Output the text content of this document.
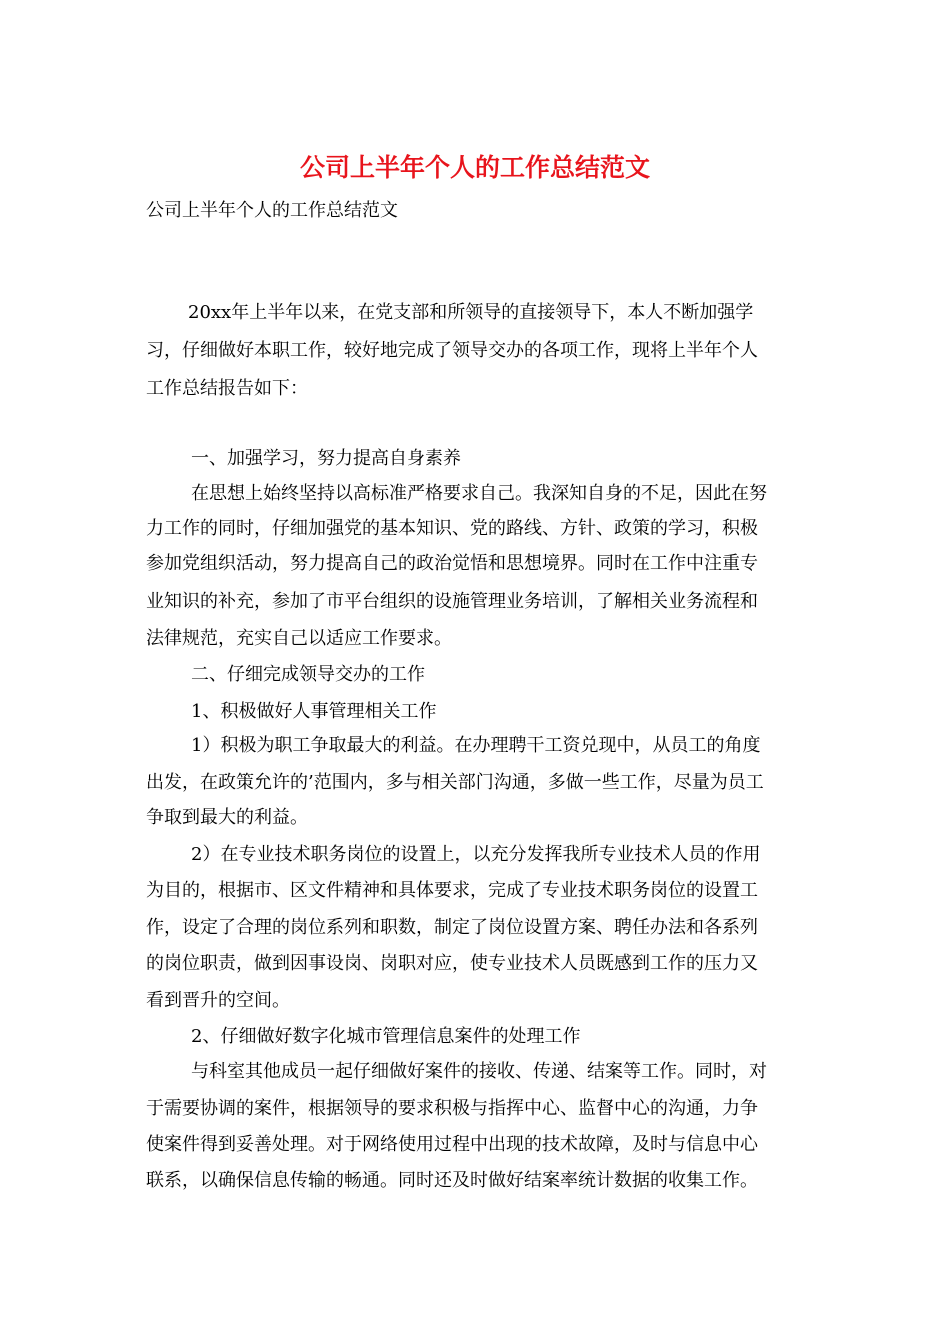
公司上半年个人的工作总结范文
公司上半年个人的工作总结范文
　20xx年上半年以来，在党支部和所领导的直接领导下，本人不断加强学
习，仔细做好本职工作，较好地完成了领导交办的各项工作，现将上半年个人
工作总结报告如下：
一、加强学习，努力提高自身素养
在思想上始终坚持以高标准严格要求自己。我深知自身的不足，因此在努
力工作的同时，仔细加强党的基本知识、党的路线、方针、政策的学习，积极
参加党组织活动，努力提高自己的政治觉悟和思想境界。同时在工作中注重专
业知识的补充，参加了市平台组织的设施管理业务培训，了解相关业务流程和
法律规范，充实自己以适应工作要求。
二、仔细完成领导交办的工作
1、积极做好人事管理相关工作
1）积极为职工争取最大的利益。在办理聘干工资兑现中，从员工的角度
出发，在政策允许的’范围内，多与相关部门沟通，多做一些工作，尽量为员工
争取到最大的利益。
2）在专业技术职务岗位的设置上，以充分发挥我所专业技术人员的作用
为目的，根据市、区文件精神和具体要求，完成了专业技术职务岗位的设置工
作，设定了合理的岗位系列和职数，制定了岗位设置方案、聘任办法和各系列
的岗位职责，做到因事设岗、岗职对应，使专业技术人员既感到工作的压力又
看到晋升的空间。
2、仔细做好数字化城市管理信息案件的处理工作
与科室其他成员一起仔细做好案件的接收、传递、结案等工作。同时，对
于需要协调的案件，根据领导的要求积极与指挥中心、监督中心的沟通，力争
使案件得到妥善处理。对于网络使用过程中出现的技术故障，及时与信息中心
联系，以确保信息传输的畅通。同时还及时做好结案率统计数据的收集工作。
